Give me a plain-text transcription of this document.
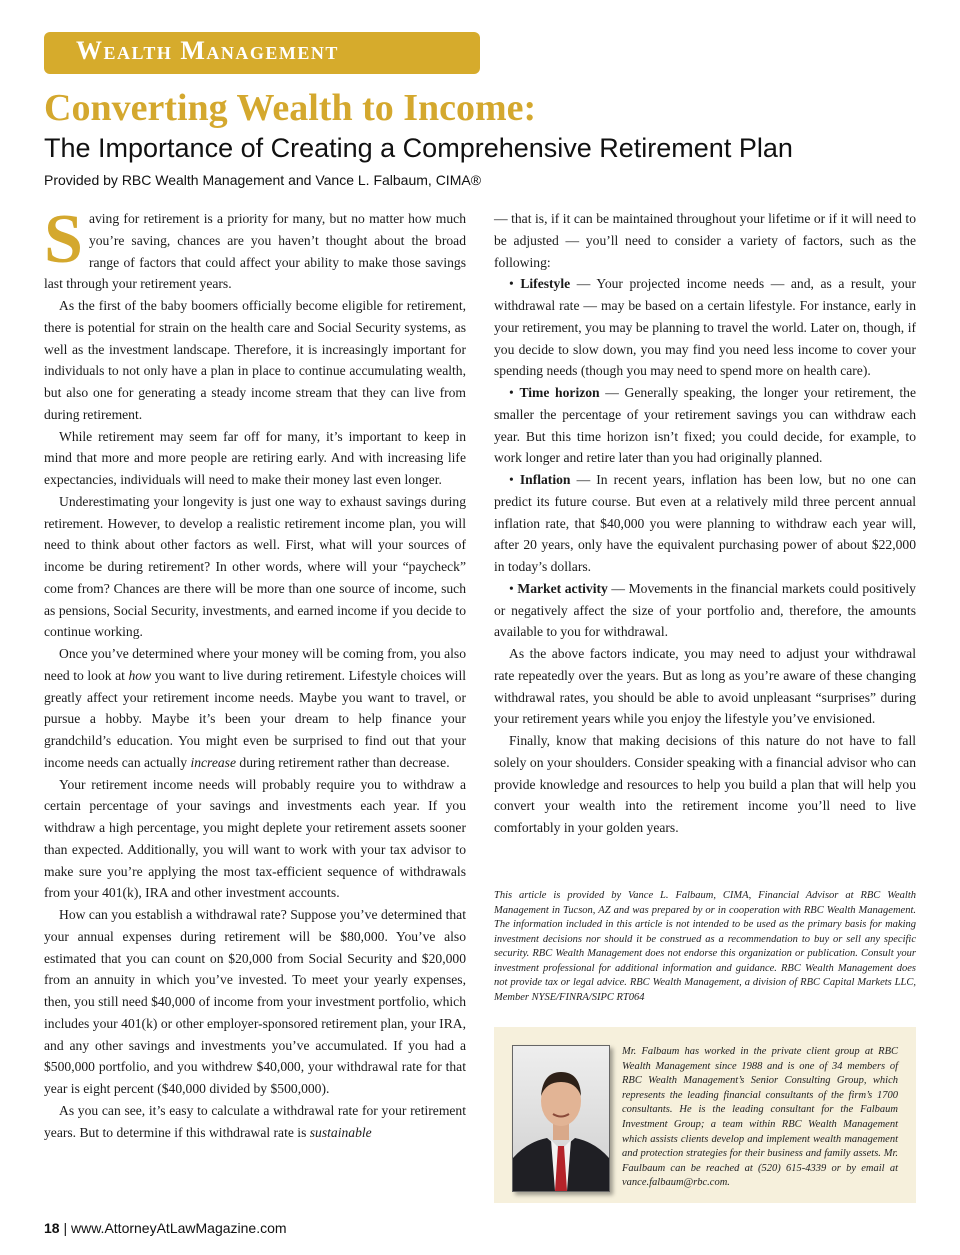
Wealth Management
Converting Wealth to Income:
The Importance of Creating a Comprehensive Retirement Plan
Provided by RBC Wealth Management and Vance L. Falbaum, CIMA®

Saving for retirement is a priority for many, but no matter how much you’re saving, chances are you haven’t thought about the broad range of factors that could affect your ability to make those savings last through your retirement years.

As the first of the baby boomers officially become eligible for retirement, there is potential for strain on the health care and Social Security systems, as well as the investment landscape. Therefore, it is increasingly important for individuals to not only have a plan in place to continue accumulating wealth, but also one for generating a steady income stream that they can live from during retirement.

While retirement may seem far off for many, it’s important to keep in mind that more and more people are retiring early. And with increasing life expectancies, individuals will need to make their money last even longer.

Underestimating your longevity is just one way to exhaust savings during retirement. However, to develop a realistic retirement income plan, you will need to think about other factors as well. First, what will your sources of income be during retirement? In other words, where will your “paycheck” come from? Chances are there will be more than one source of income, such as pensions, Social Security, investments, and earned income if you decide to continue working.

Once you’ve determined where your money will be coming from, you also need to look at how you want to live during retirement. Lifestyle choices will greatly affect your retirement income needs. Maybe you want to travel, or pursue a hobby. Maybe it’s been your dream to help finance your grandchild’s education. You might even be surprised to find out that your income needs can actually increase during retirement rather than decrease.

Your retirement income needs will probably require you to withdraw a certain percentage of your savings and investments each year. If you withdraw a high percentage, you might deplete your retirement assets sooner than expected. Additionally, you will want to work with your tax advisor to make sure you’re applying the most tax-efficient sequence of withdrawals from your 401(k), IRA and other investment accounts.

How can you establish a withdrawal rate? Suppose you’ve determined that your annual expenses during retirement will be $80,000. You’ve also estimated that you can count on $20,000 from Social Security and $20,000 from an annuity in which you’ve invested. To meet your yearly expenses, then, you still need $40,000 of income from your investment portfolio, which includes your 401(k) or other employer-sponsored retirement plan, your IRA, and any other savings and investments you’ve accumulated. If you had a $500,000 portfolio, and you withdrew $40,000, your withdrawal rate for that year is eight percent ($40,000 divided by $500,000).

As you can see, it’s easy to calculate a withdrawal rate for your retirement years. But to determine if this withdrawal rate is sustainable

— that is, if it can be maintained throughout your lifetime or if it will need to be adjusted — you’ll need to consider a variety of factors, such as the following:

• Lifestyle — Your projected income needs — and, as a result, your withdrawal rate — may be based on a certain lifestyle. For instance, early in your retirement, you may be planning to travel the world. Later on, though, if you decide to slow down, you may find you need less income to cover your spending needs (though you may need to spend more on health care).

• Time horizon — Generally speaking, the longer your retirement, the smaller the percentage of your retirement savings you can withdraw each year. But this time horizon isn’t fixed; you could decide, for example, to work longer and retire later than you had originally planned.

• Inflation — In recent years, inflation has been low, but no one can predict its future course. But even at a relatively mild three percent annual inflation rate, that $40,000 you were planning to withdraw each year will, after 20 years, only have the equivalent purchasing power of about $22,000 in today’s dollars.

• Market activity — Movements in the financial markets could positively or negatively affect the size of your portfolio and, therefore, the amounts available to you for withdrawal.

As the above factors indicate, you may need to adjust your withdrawal rate repeatedly over the years. But as long as you’re aware of these changing withdrawal rates, you should be able to avoid unpleasant “surprises” during your retirement years while you enjoy the lifestyle you’ve envisioned.

Finally, know that making decisions of this nature do not have to fall solely on your shoulders. Consider speaking with a financial advisor who can provide knowledge and resources to help you build a plan that will help you convert your wealth into the retirement income you’ll need to live comfortably in your golden years.

This article is provided by Vance L. Falbaum, CIMA, Financial Advisor at RBC Wealth Management in Tucson, AZ and was prepared by or in cooperation with RBC Wealth Management. The information included in this article is not intended to be used as the primary basis for making investment decisions nor should it be construed as a recommendation to buy or sell any specific security. RBC Wealth Management does not endorse this organization or publication. Consult your investment professional for additional information and guidance. RBC Wealth Management does not provide tax or legal advice. RBC Wealth Management, a division of RBC Capital Markets LLC, Member NYSE/FINRA/SIPC RT064
Mr. Falbaum has worked in the private client group at RBC Wealth Management since 1988 and is one of 34 members of RBC Wealth Management’s Senior Consulting Group, which represents the leading financial consultants of the firm’s 1700 consultants. He is the leading consultant for the Falbaum Investment Group; a team within RBC Wealth Management which assists clients develop and implement wealth management and protection strategies for their business and family assets. Mr. Faulbaum can be reached at (520) 615-4339 or by email at vance.falbaum@rbc.com.
18 | www.AttorneyAtLawMagazine.com
